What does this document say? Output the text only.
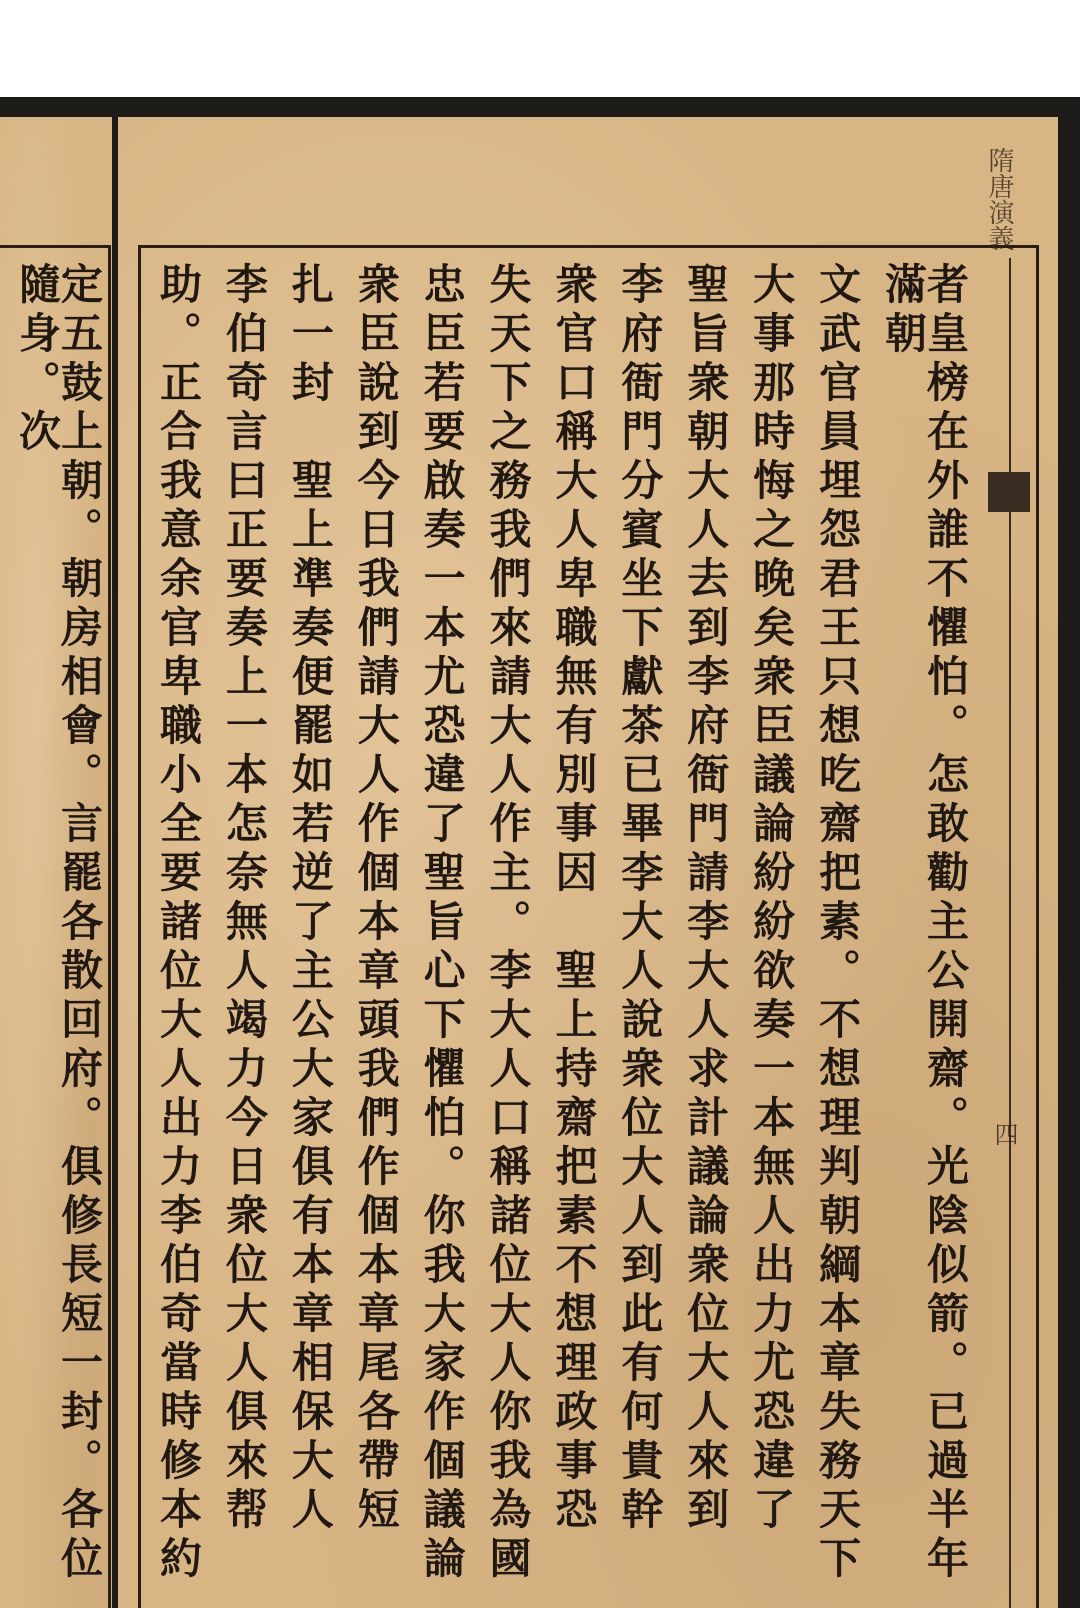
定五鼓上朝。朝房相會。言罷各散回府。俱修長短一封。各位隨身。次	者皇榜在外誰不懼怕。怎敢勸主公開齋。光陰似箭。已過半年滿朝
文武官員埋怨君王只想吃齋把素。不想理判朝綱本章失務天下
大事那時悔之晚矣衆臣議論紛紛欲奏一本無人出力尤恐違了
聖旨衆朝大人去到李府衙門請李大人求計議論衆位大人來到
李府衙門分賓坐下獻茶已畢李大人說衆位大人到此有何貴幹
衆官口稱大人卑職無有別事因　聖上持齋把素不想理政事恐
失天下之務我們來請大人作主。李大人口稱諸位大人你我為國
忠臣若要啟奏一本尤恐違了聖旨心下懼怕。你我大家作個議論
衆臣說到今日我們請大人作個本章頭我們作個本章尾各帶短
扎一封　聖上準奏便罷如若逆了主公大家俱有本章相保大人
李伯奇言曰正要奏上一本怎奈無人竭力今日衆位大人俱來帮
助。正合我意余官卑職小全要諸位大人出力李伯奇當時修本約
隋唐演義
四
